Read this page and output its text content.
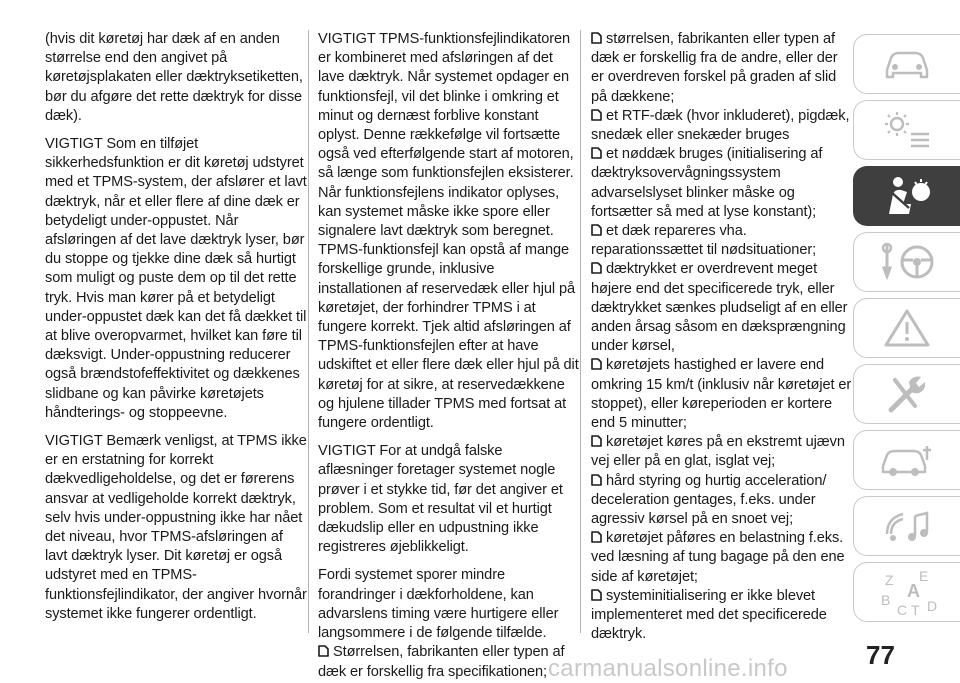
(hvis dit køretøj har dæk af en anden størrelse end den angivet på køretøjsplakaten eller dæktryksetiketten, bør du afgøre det rette dæktryk for disse dæk).

VIGTIGT Som en tilføjet sikkerhedsfunktion er dit køretøj udstyret med et TPMS-system, der afslører et lavt dæktryk, når et eller flere af dine dæk er betydeligt under-oppustet. Når afsløringen af det lave dæktryk lyser, bør du stoppe og tjekke dine dæk så hurtigt som muligt og puste dem op til det rette tryk. Hvis man kører på et betydeligt under-oppustet dæk kan det få dækket til at blive overopvarmet, hvilket kan føre til dæksvigt. Under-oppustning reducerer også brændstofeffektivitet og dækkenes slidbane og kan påvirke køretøjets håndterings- og stoppeevne.

VIGTIGT Bemærk venligst, at TPMS ikke er en erstatning for korrekt dækvedligeholdelse, og det er førerens ansvar at vedligeholde korrekt dæktryk, selv hvis under-oppustning ikke har nået det niveau, hvor TPMS-afsløringen af lavt dæktryk lyser. Dit køretøj er også udstyret med en TPMS-funktionsfejlindikator, der angiver hvornår systemet ikke fungerer ordentligt.

VIGTIGT TPMS-funktionsfejlindikatoren er kombineret med afsløringen af det lave dæktryk. Når systemet opdager en funktionsfejl, vil det blinke i omkring et minut og dernæst forblive konstant oplyst. Denne rækkefølge vil fortsætte også ved efterfølgende start af motoren, så længe som funktionsfejlen eksisterer. Når funktionsfejlens indikator oplyses, kan systemet måske ikke spore eller signalere lavt dæktryk som beregnet. TPMS-funktionsfejl kan opstå af mange forskellige grunde, inklusive installationen af reservedæk eller hjul på køretøjet, der forhindrer TPMS i at fungere korrekt. Tjek altid afsløringen af TPMS-funktionsfejlen efter at have udskiftet et eller flere dæk eller hjul på dit køretøj for at sikre, at reservedækkene og hjulene tillader TPMS med fortsat at fungere ordentligt.

VIGTIGT For at undgå falske aflæsninger foretager systemet nogle prøver i et stykke tid, før det angiver et problem. Som et resultat vil et hurtigt dækudslip eller en udpustning ikke registreres øjeblikkeligt.

Fordi systemet sporer mindre forandringer i dækforholdene, kan advarslens timing være hurtigere eller langsommere i de følgende tilfælde.

Størrelsen, fabrikanten eller typen af dæk er forskellig fra specifikationen;

størrelsen, fabrikanten eller typen af dæk er forskellig fra de andre, eller der er overdreven forskel på graden af slid på dækkene;

et RTF-dæk (hvor inkluderet), pigdæk, snedæk eller snekæder bruges

et nøddæk bruges (initialisering af dæktryksovervågningssystem advarselslyset blinker måske og fortsætter så med at lyse konstant);

et dæk repareres vha. reparationssættet til nødsituationer;

dæktrykket er overdrevent meget højere end det specificerede tryk, eller dæktrykket sænkes pludseligt af en eller anden årsag såsom en dæksprængning under kørsel,

køretøjets hastighed er lavere end omkring 15 km/t (inklusiv når køretøjet er stoppet), eller køreperioden er kortere end 5 minutter;

køretøjet køres på en ekstremt ujævn vej eller på en glat, isglat vej;

hård styring og hurtig acceleration/ deceleration gentages, f.eks. under agressiv kørsel på en snoet vej;

køretøjet påføres en belastning f.eks. ved læsning af tung bagage på den ene side af køretøjet;

systeminitialisering er ikke blevet implementeret med det specificerede dæktryk.

Z E
B A
C T D
77
carmanualsonline.info
